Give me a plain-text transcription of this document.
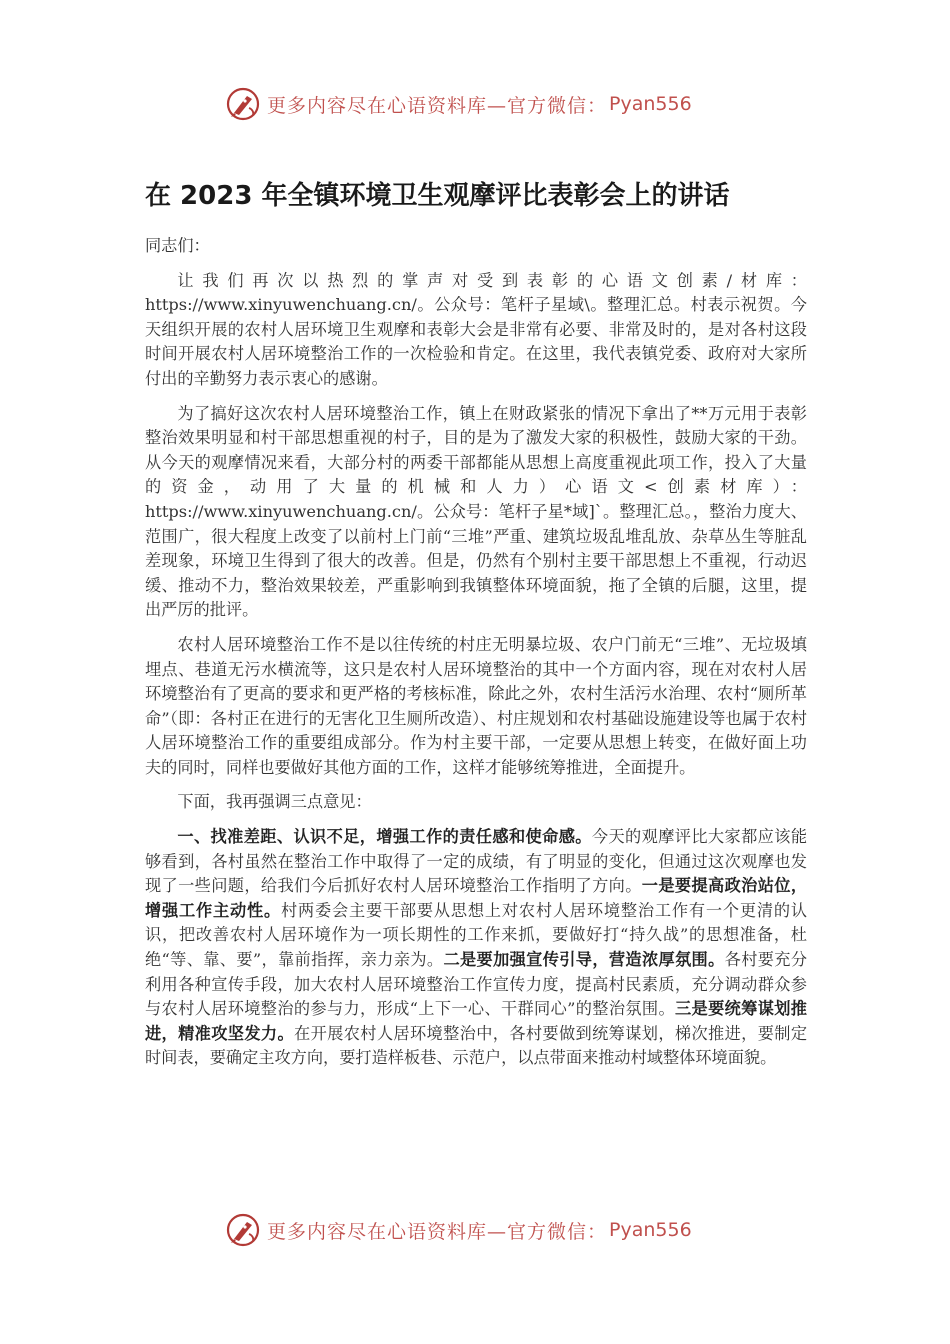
更多内容尽在心语资料库—官方微信： Pyan556
在 2023 年全镇环境卫生观摩评比表彰会上的讲话

同志们：

让我们再次以热烈的掌声对受到表彰的心语文创素/材库：https://www.xinyuwenchuang.cn/。公众号：笔杆子星域\。整理汇总。村表示祝贺。今天组织开展的农村人居环境卫生观摩和表彰大会是非常有必要、非常及时的，是对各村这段时间开展农村人居环境整治工作的一次检验和肯定。在这里，我代表镇党委、政府对大家所付出的辛勤努力表示衷心的感谢。

为了搞好这次农村人居环境整治工作，镇上在财政紧张的情况下拿出了**万元用于表彰整治效果明显和村干部思想重视的村子，目的是为了激发大家的积极性，鼓励大家的干劲。从今天的观摩情况来看，大部分村的两委干部都能从思想上高度重视此项工作，投入了大量的资金，动用了大量的机械和人力）心语文<创素材库）：https://www.xinyuwenchuang.cn/。公众号：笔杆子星*域]`。整理汇总。，整治力度大、范围广，很大程度上改变了以前村上门前“三堆”严重、建筑垃圾乱堆乱放、杂草丛生等脏乱差现象，环境卫生得到了很大的改善。但是，仍然有个别村主要干部思想上不重视，行动迟缓、推动不力，整治效果较差，严重影响到我镇整体环境面貌，拖了全镇的后腿，这里，提出严厉的批评。

农村人居环境整治工作不是以往传统的村庄无明暴垃圾、农户门前无“三堆”、无垃圾填埋点、巷道无污水横流等，这只是农村人居环境整治的其中一个方面内容，现在对农村人居环境整治有了更高的要求和更严格的考核标准，除此之外，农村生活污水治理、农村“厕所革命”（即：各村正在进行的无害化卫生厕所改造）、村庄规划和农村基础设施建设等也属于农村人居环境整治工作的重要组成部分。作为村主要干部，一定要从思想上转变，在做好面上功夫的同时，同样也要做好其他方面的工作，这样才能够统筹推进，全面提升。

下面，我再强调三点意见：

一、找准差距、认识不足，增强工作的责任感和使命感。今天的观摩评比大家都应该能够看到，各村虽然在整治工作中取得了一定的成绩，有了明显的变化，但通过这次观摩也发现了一些问题，给我们今后抓好农村人居环境整治工作指明了方向。一是要提高政治站位，增强工作主动性。村两委会主要干部要从思想上对农村人居环境整治工作有一个更清的认识，把改善农村人居环境作为一项长期性的工作来抓，要做好打“持久战”的思想准备，杜绝“等、靠、要”，靠前指挥，亲力亲为。二是要加强宣传引导，营造浓厚氛围。各村要充分利用各种宣传手段，加大农村人居环境整治工作宣传力度，提高村民素质，充分调动群众参与农村人居环境整治的参与力，形成“上下一心、干群同心”的整治氛围。三是要统筹谋划推进，精准攻坚发力。在开展农村人居环境整治中，各村要做到统筹谋划，梯次推进，要制定时间表，要确定主攻方向，要打造样板巷、示范户，以点带面来推动村域整体环境面貌。

更多内容尽在心语资料库—官方微信： Pyan556
